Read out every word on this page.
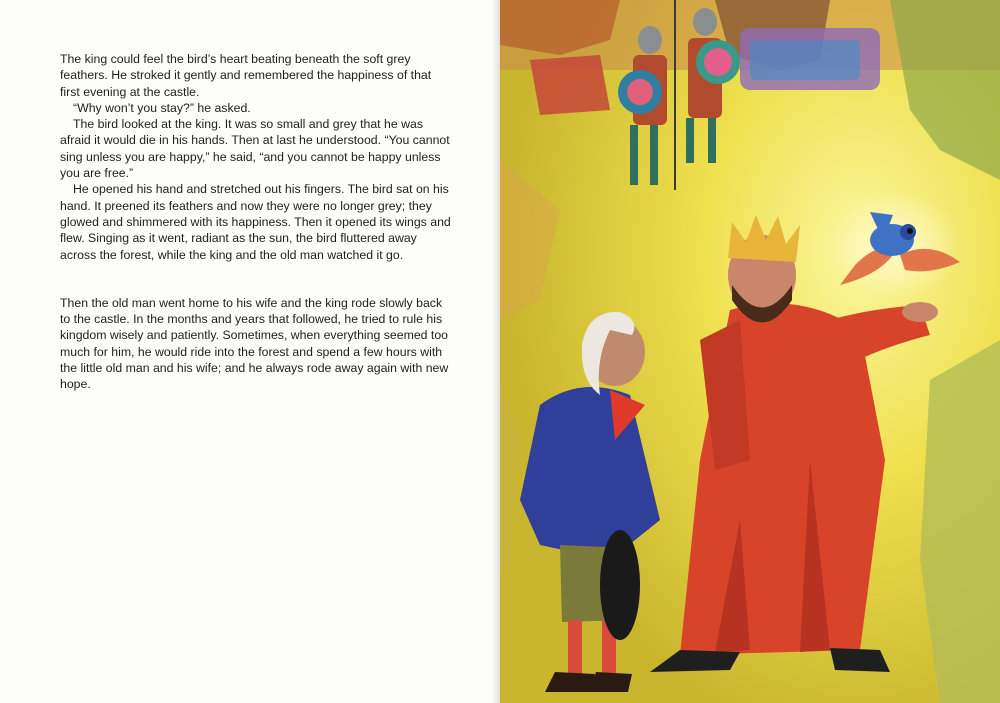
The king could feel the bird’s heart beating beneath the soft grey feathers. He stroked it gently and remembered the happiness of that first evening at the castle.

“Why won’t you stay?” he asked.

The bird looked at the king. It was so small and grey that he was afraid it would die in his hands. Then at last he understood. “You cannot sing unless you are happy,” he said, “and you cannot be happy unless you are free.”

He opened his hand and stretched out his fingers. The bird sat on his hand. It preened its feathers and now they were no longer grey; they glowed and shimmered with its happiness. Then it opened its wings and flew. Singing as it went, radiant as the sun, the bird fluttered away across the forest, while the king and the old man watched it go.

Then the old man went home to his wife and the king rode slowly back to the castle. In the months and years that followed, he tried to rule his kingdom wisely and patiently. Sometimes, when everything seemed too much for him, he would ride into the forest and spend a few hours with the little old man and his wife; and he always rode away again with new hope.
